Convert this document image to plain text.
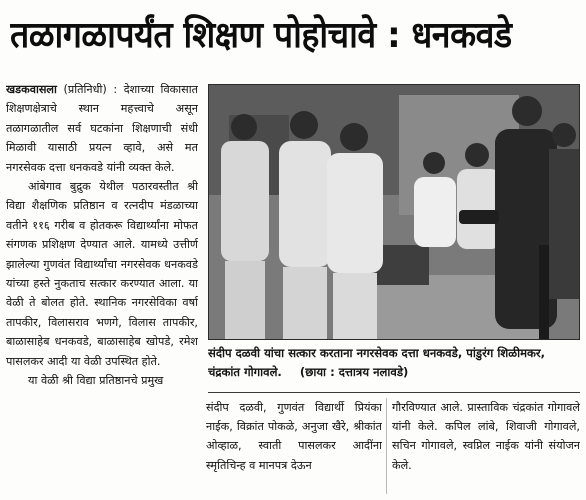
तळागळापर्यंत शिक्षण पोहोचावे : धनकवडे

खडकवासला (प्रतिनिधी) : देशाच्या विकासात शिक्षणक्षेत्राचे स्थान महत्त्वाचे असून तळागळातील सर्व घटकांना शिक्षणाची संधी मिळावी यासाठी प्रयत्न व्हावे, असे मत नगरसेवक दत्ता धनकवडे यांनी व्यक्त केले.

आंबेगाव बुद्रुक येथील पठारवस्तीत श्री विद्या शैक्षणिक प्रतिष्ठान व रत्नदीप मंडळाच्या वतीने ११६ गरीब व होतकरू विद्यार्थ्यांना मोफत संगणक प्रशिक्षण देण्यात आले. यामध्ये उत्तीर्ण झालेल्या गुणवंत विद्यार्थ्यांचा नगरसेवक धनकवडे यांच्या हस्ते नुकताच सत्कार करण्यात आला. या वेळी ते बोलत होते. स्थानिक नगरसेविका वर्षा तापकीर, विलासराव भणगे, विलास तापकीर, बाळासाहेब धनकवडे, बाळासाहेब खोपडे, रमेश पासलकर आदी या वेळी उपस्थित होते.

या वेळी श्री विद्या प्रतिष्ठानचे प्रमुख

संदीप दळवी यांचा सत्कार करताना नगरसेवक दत्ता धनकवडे, पांडुरंग शिळीमकर, चंद्रकांत गोगावले. (छाया : दत्तात्रय नलावडे)
संदीप दळवी, गुणवंत विद्यार्थी प्रियंका नाईक, विक्रांत पोकळे, अनुजा खैरे, श्रीकांत ओव्हाळ, स्वाती पासलकर आदींना स्मृतिचिन्ह व मानपत्र देऊन
गौरविण्यात आले. प्रास्ताविक चंद्रकांत गोगावले यांनी केले. कपिल लांबे, शिवाजी गोगावले, सचिन गोगावले, स्वप्निल नाईक यांनी संयोजन केले.
